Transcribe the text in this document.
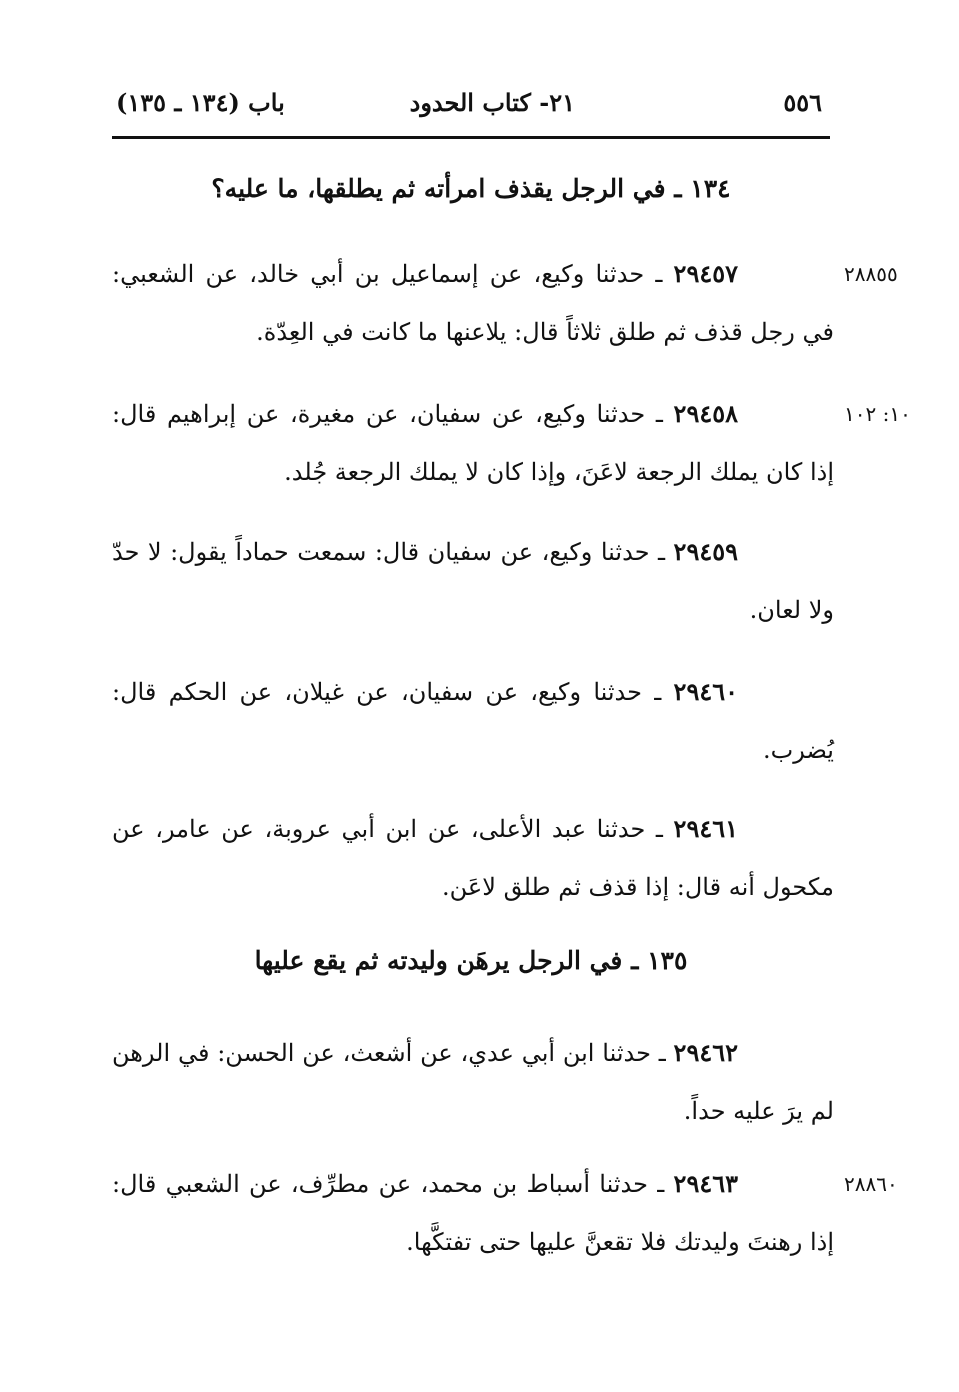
٥٥٦
٢١- كتاب الحدود
باب (١٣٤ ـ ١٣٥)
١٣٤ ـ في الرجل يقذف امرأته ثم يطلقها، ما عليه؟
٢٨٨٥٥
٢٩٤٥٧ ـ حدثنا وكيع، عن إسماعيل بن أبي خالد، عن الشعبي: في رجل قذف ثم طلق ثلاثاً قال: يلاعنها ما كانت في العِدّة.
١٠: ١٠٢
٢٩٤٥٨ ـ حدثنا وكيع، عن سفيان، عن مغيرة، عن إبراهيم قال: إذا كان يملك الرجعة لاعَنَ، وإذا كان لا يملك الرجعة جُلد.
٢٩٤٥٩ ـ حدثنا وكيع، عن سفيان قال: سمعت حماداً يقول: لا حدّ ولا لعان.
٢٩٤٦٠ ـ حدثنا وكيع، عن سفيان، عن غيلان، عن الحكم قال: يُضرب.
٢٩٤٦١ ـ حدثنا عبد الأعلى، عن ابن أبي عروبة، عن عامر، عن مكحول أنه قال: إذا قذف ثم طلق لاعَن.
١٣٥ ـ في الرجل يرهَن وليدته ثم يقع عليها
٢٩٤٦٢ ـ حدثنا ابن أبي عدي، عن أشعث، عن الحسن: في الرهن لم يرَ عليه حداً.
٢٨٨٦٠
٢٩٤٦٣ ـ حدثنا أسباط بن محمد، عن مطرِّف، عن الشعبي قال: إذا رهنتَ وليدتك فلا تقعنَّ عليها حتى تفتكَّها.
